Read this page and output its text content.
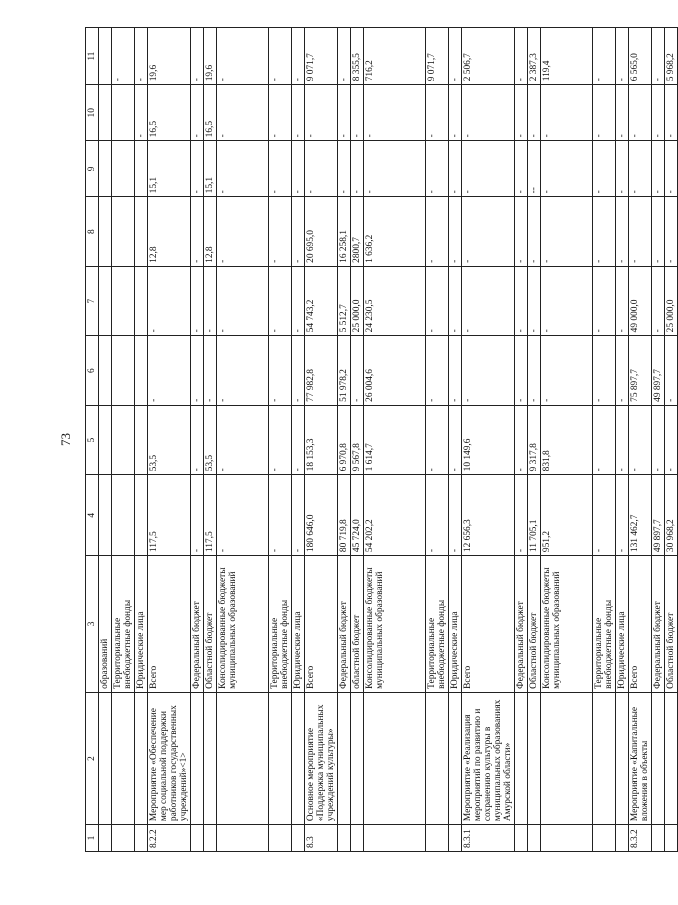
73
1	2	3	4	5	6	7	8	9	10	11
		образований								
		Территориальные внебюджетные фонды								-
		Юридические лица							-	-
8.2.2	Мероприятие «Обеспечение мер социальной поддержки работников государственных учреждений»<1>	Всего	117,5	53,5	-	-	12,8	15,1	16,5	19,6
		Федеральный бюджет	-	-	-	-	-	-	-	-
		Областной бюджет	117,5	53,5	-	-	12,8	15,1	16,5	19,6
		Консолидированные бюджеты муниципальных образований	-	-	-	-	-	-	-	-
		Территориальные внебюджетные фонды	-	-	-	-	-	-	-	-
		Юридические лица	-	-	-	-	-	-	-	-
8.3	Основное мероприятие «Поддержка муниципальных учреждений культуры»	Всего	180 646,0	18 153,3	77 982,8	54 743,2	20 695,0	-	-	9 071,7
		Федеральный бюджет	80 719,8	6 970,8	51 978,2	5 512,7	16 258,1	-	-	-
		областной бюджет	45 724,0	9 567,8	-	25 000,0	2800,7	-	-	8 355,5
		Консолидированные бюджеты муниципальных образований	54 202,2	1 614,7	26 004,6	24 230,5	1 636,2	-	-	716,2
		Территориальные внебюджетные фонды	-	-	-	-	-	-	-	9 071,7
		Юридические лица	-	-	-	-	-	-	-	-
8.3.1	Мероприятие «Реализация мероприятий по развитию и сохранению культуры в муниципальных образованиях Амурской области»	Всего	12 656,3	10 149,6	-	-	-	-	-	2 506,7
		Федеральный бюджет	-	-	-	-	-	-	-	-
		Областной бюджет	11 705,1	9 317,8	-	-	-	--	-	2 387,3
		Консолидированные бюджеты муниципальных образований	951,2	831,8	-	-	-	-	-	119,4
		Территориальные внебюджетные фонды	-	-	-	-	-	-	-	-
		Юридические лица	-	-	-	-	-	-	-	-
8.3.2	Мероприятие «Капитальные вложения в объекты	Всего	131 462,7	-	75 897,7	49 000,0	-	-	-	6 565,0
		Федеральный бюджет	49 897,7	-	49 897,7	-	-	-	-	-
		Областной бюджет	30 968,2	-	-	25 000,0	-	-	-	5 968,2
